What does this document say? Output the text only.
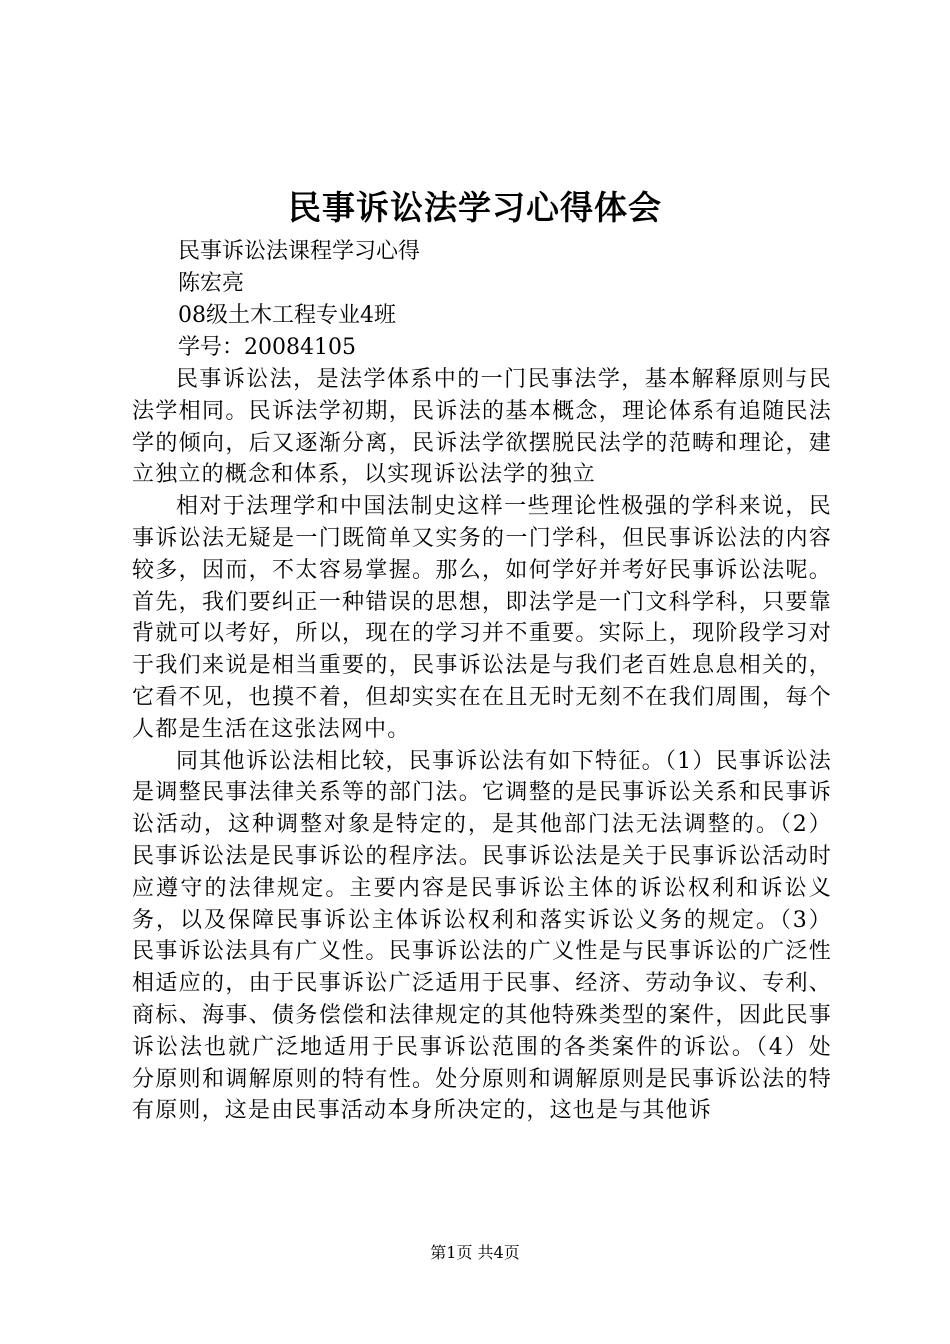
民事诉讼法学习心得体会
民事诉讼法课程学习心得
陈宏亮
08级土木工程专业4班
学号：20084105

民事诉讼法，是法学体系中的一门民事法学，基本解释原则与民法学相同。民诉法学初期，民诉法的基本概念，理论体系有追随民法学的倾向，后又逐渐分离，民诉法学欲摆脱民法学的范畴和理论，建立独立的概念和体系，以实现诉讼法学的独立

相对于法理学和中国法制史这样一些理论性极强的学科来说，民事诉讼法无疑是一门既简单又实务的一门学科，但民事诉讼法的内容较多，因而，不太容易掌握。那么，如何学好并考好民事诉讼法呢。首先，我们要纠正一种错误的思想，即法学是一门文科学科，只要靠背就可以考好，所以，现在的学习并不重要。实际上，现阶段学习对于我们来说是相当重要的，民事诉讼法是与我们老百姓息息相关的，它看不见，也摸不着，但却实实在在且无时无刻不在我们周围，每个人都是生活在这张法网中。

同其他诉讼法相比较，民事诉讼法有如下特征。（1）民事诉讼法是调整民事法律关系等的部门法。它调整的是民事诉讼关系和民事诉讼活动，这种调整对象是特定的，是其他部门法无法调整的。（2）民事诉讼法是民事诉讼的程序法。民事诉讼法是关于民事诉讼活动时应遵守的法律规定。主要内容是民事诉讼主体的诉讼权利和诉讼义务，以及保障民事诉讼主体诉讼权利和落实诉讼义务的规定。（3）民事诉讼法具有广义性。民事诉讼法的广义性是与民事诉讼的广泛性相适应的，由于民事诉讼广泛适用于民事、经济、劳动争议、专利、商标、海事、债务偿偿和法律规定的其他特殊类型的案件，因此民事诉讼法也就广泛地适用于民事诉讼范围的各类案件的诉讼。（4）处分原则和调解原则的特有性。处分原则和调解原则是民事诉讼法的特有原则，这是由民事活动本身所决定的，这也是与其他诉

第1页 共4页
